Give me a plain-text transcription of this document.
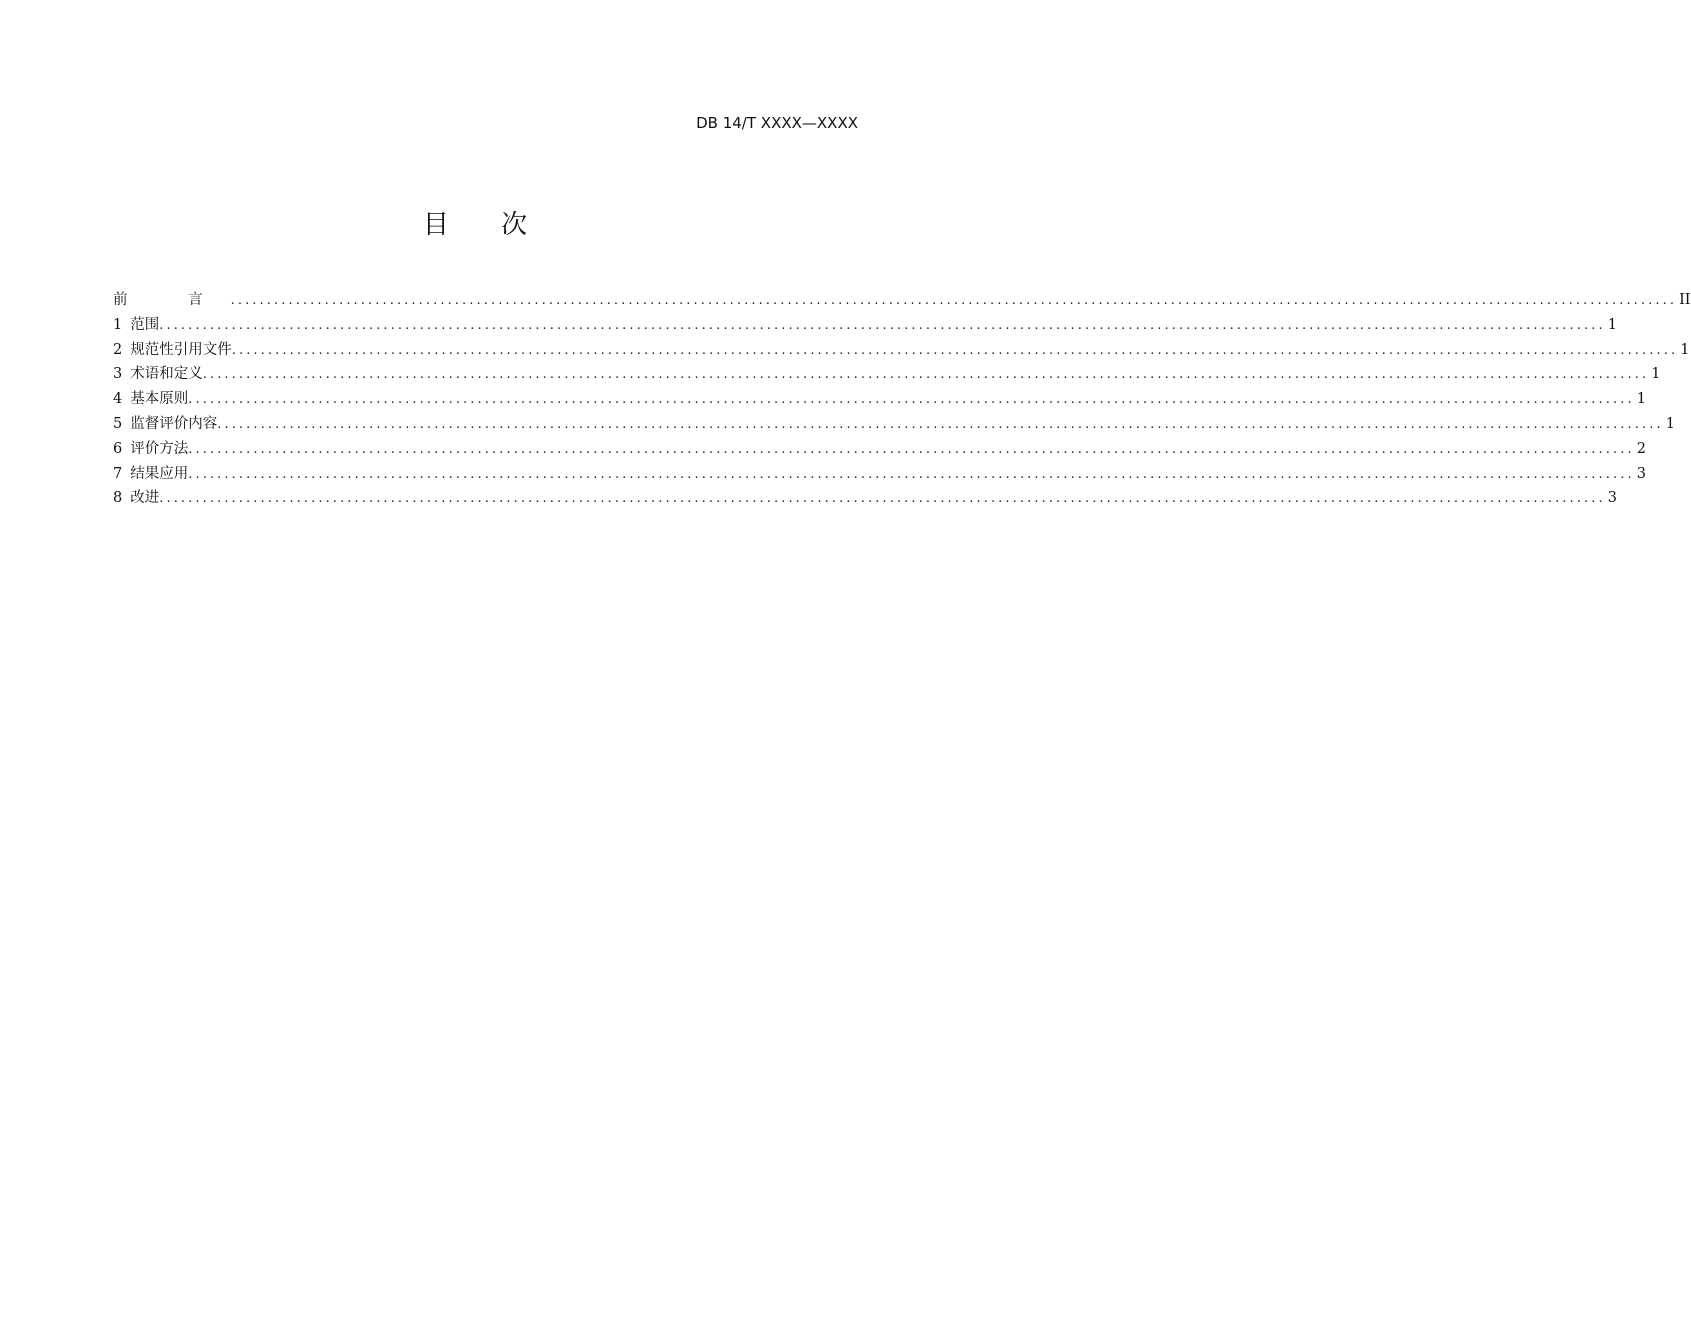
DB 14/T XXXX—XXXX
目 次
前 言 ........................................................................................................................................................................................................ II
1 范围 ........................................................................................................................................................................................................ 1
2 规范性引用文件 ........................................................................................................................................................................................................ 1
3 术语和定义 ........................................................................................................................................................................................................ 1
4 基本原则 ........................................................................................................................................................................................................ 1
5 监督评价内容 ........................................................................................................................................................................................................ 1
6 评价方法 ........................................................................................................................................................................................................ 2
7 结果应用 ........................................................................................................................................................................................................ 3
8 改进 ........................................................................................................................................................................................................ 3
